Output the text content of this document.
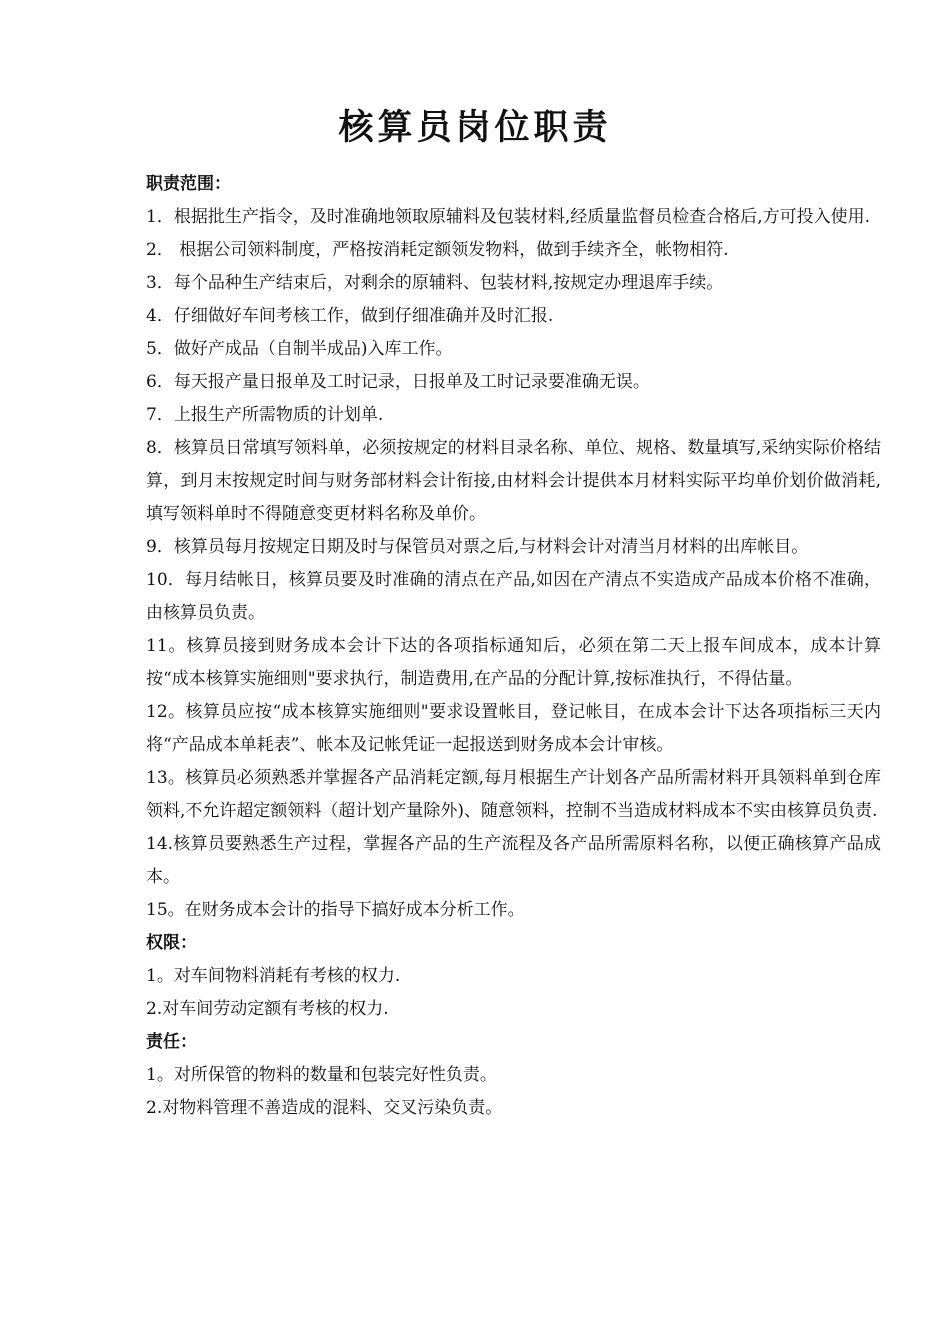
核算员岗位职责

职责范围：

1．根据批生产指令，及时准确地领取原辅料及包装材料,经质量监督员检查合格后,方可投入使用.

2． 根据公司领料制度，严格按消耗定额领发物料，做到手续齐全，帐物相符.

3．每个品种生产结束后，对剩余的原辅料、包装材料,按规定办理退库手续。

4．仔细做好车间考核工作，做到仔细准确并及时汇报.

5．做好产成品（自制半成品)入库工作。

6．每天报产量日报单及工时记录，日报单及工时记录要准确无误。

7．上报生产所需物质的计划单.

8．核算员日常填写领料单，必须按规定的材料目录名称、单位、规格、数量填写,采纳实际价格结算，到月末按规定时间与财务部材料会计衔接,由材料会计提供本月材料实际平均单价划价做消耗,填写领料单时不得随意变更材料名称及单价。

9．核算员每月按规定日期及时与保管员对票之后,与材料会计对清当月材料的出库帐目。

10．每月结帐日，核算员要及时准确的清点在产品,如因在产清点不实造成产品成本价格不准确，由核算员负责。

11。核算员接到财务成本会计下达的各项指标通知后，必须在第二天上报车间成本，成本计算按“成本核算实施细则"要求执行，制造费用,在产品的分配计算,按标准执行，不得估量。

12。核算员应按“成本核算实施细则"要求设置帐目，登记帐目，在成本会计下达各项指标三天内将“产品成本单耗表”、帐本及记帐凭证一起报送到财务成本会计审核。

13。核算员必须熟悉并掌握各产品消耗定额,每月根据生产计划各产品所需材料开具领料单到仓库领料,不允许超定额领料（超计划产量除外)、随意领料，控制不当造成材料成本不实由核算员负责.

14.核算员要熟悉生产过程，掌握各产品的生产流程及各产品所需原料名称，以便正确核算产品成本。

15。在财务成本会计的指导下搞好成本分析工作。

权限：

1。对车间物料消耗有考核的权力.

2.对车间劳动定额有考核的权力.

责任：

1。对所保管的物料的数量和包装完好性负责。

2.对物料管理不善造成的混料、交叉污染负责。
